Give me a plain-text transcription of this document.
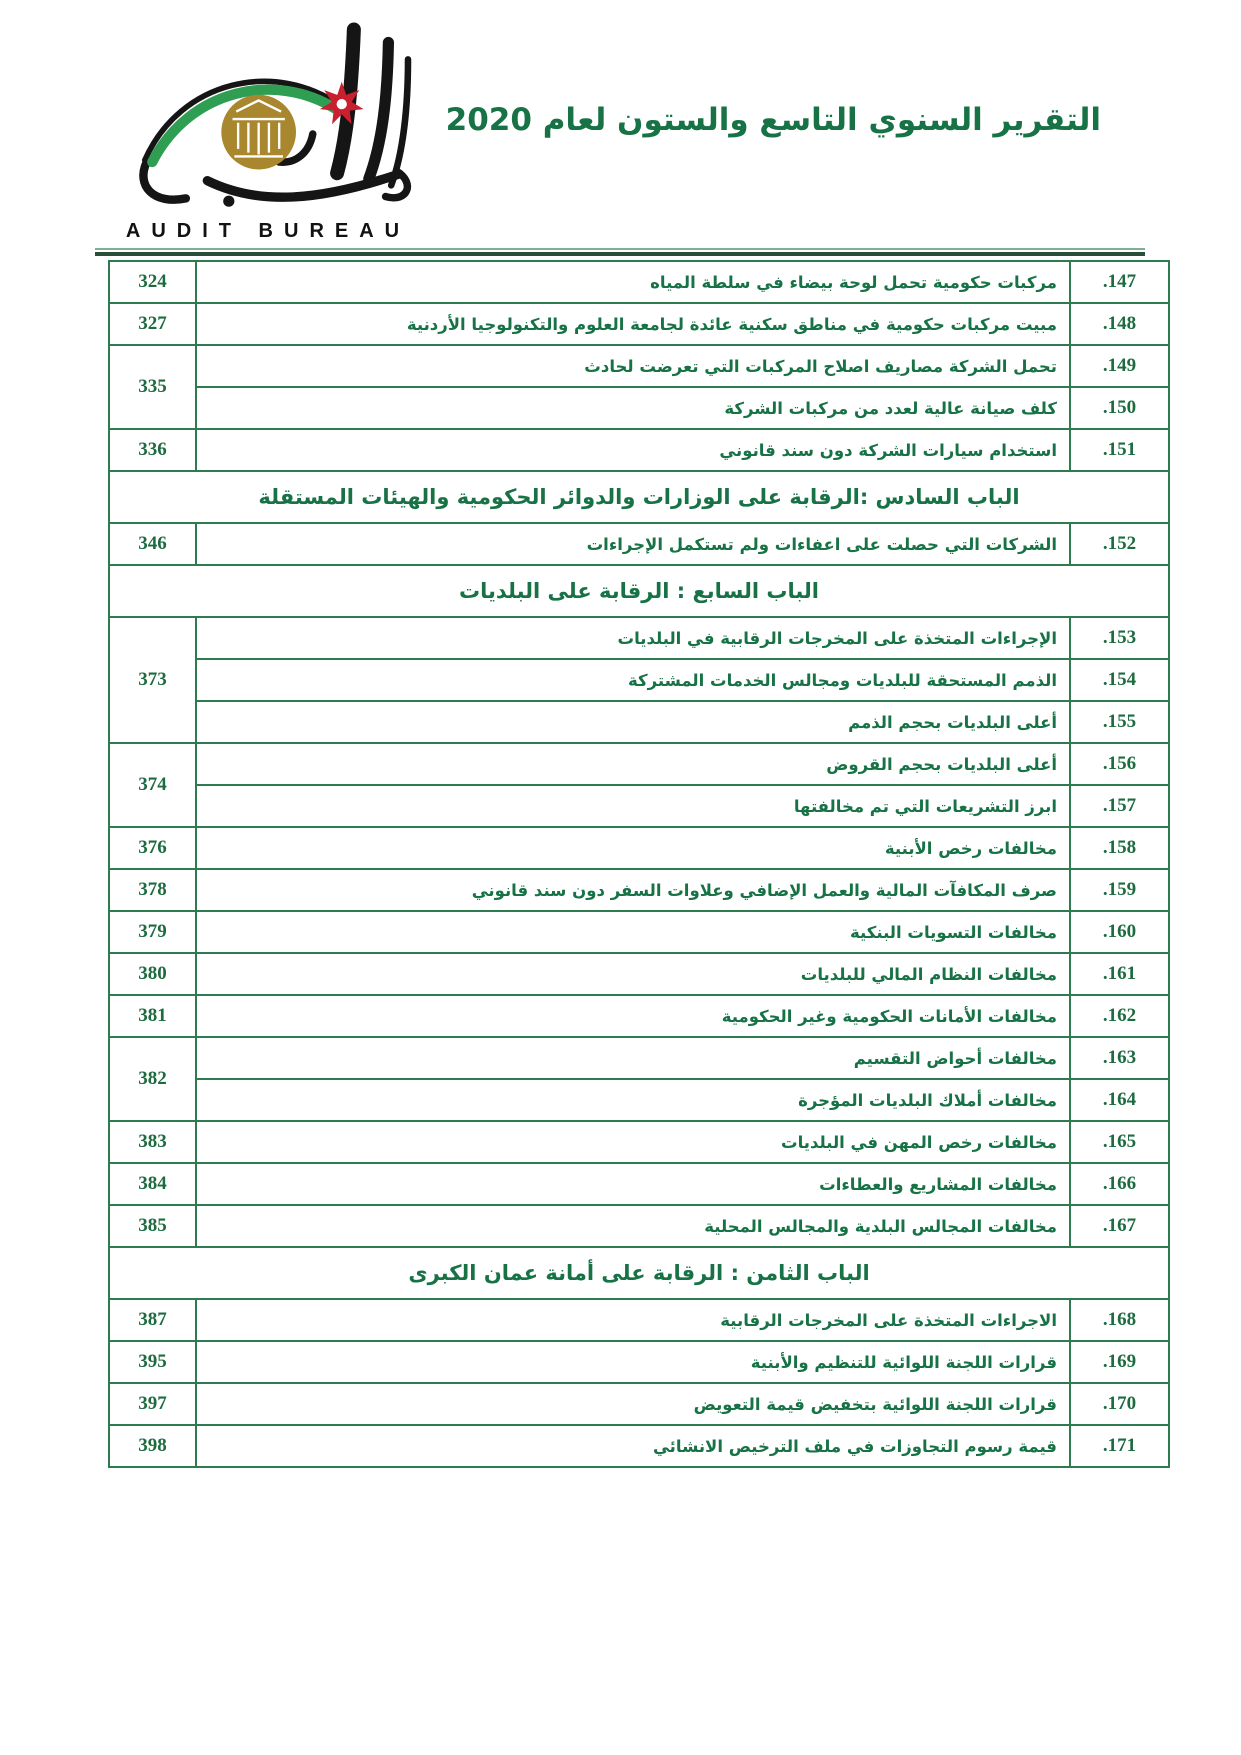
AUDIT BUREAU
التقرير السنوي التاسع والستون لعام 2020
147.	مركبات حكومية تحمل لوحة بيضاء في سلطة المياه	324
148.	مبيت مركبات حكومية في مناطق سكنية عائدة لجامعة العلوم والتكنولوجيا الأردنية	327
149.	تحمل الشركة مصاريف اصلاح المركبات التي تعرضت لحادث	335
150.	كلف صيانة عالية لعدد من مركبات الشركة	
151.	استخدام سيارات الشركة دون سند قانوني	336
الباب السادس :الرقابة على الوزارات والدوائر الحكومية والهيئات المستقلة		
152.	الشركات التي حصلت على اعفاءات ولم تستكمل الإجراءات	346
الباب السابع : الرقابة على البلديات		
153.	الإجراءات المتخذة على المخرجات الرقابية في البلديات	373
154.	الذمم المستحقة للبلديات ومجالس الخدمات المشتركة	
155.	أعلى البلديات بحجم الذمم	
156.	أعلى البلديات بحجم القروض	374
157.	ابرز التشريعات التي تم مخالفتها	
158.	مخالفات رخص الأبنية	376
159.	صرف المكافآت المالية والعمل الإضافي وعلاوات السفر دون سند قانوني	378
160.	مخالفات التسويات البنكية	379
161.	مخالفات النظام المالي للبلديات	380
162.	مخالفات الأمانات الحكومية وغير الحكومية	381
163.	مخالفات أحواض التقسيم	382
164.	مخالفات أملاك البلديات المؤجرة	
165.	مخالفات رخص المهن في البلديات	383
166.	مخالفات المشاريع والعطاءات	384
167.	مخالفات المجالس البلدية والمجالس المحلية	385
الباب الثامن : الرقابة على أمانة عمان الكبرى		
168.	الاجراءات المتخذة على المخرجات الرقابية	387
169.	قرارات اللجنة اللوائية للتنظيم والأبنية	395
170.	قرارات اللجنة اللوائية بتخفيض قيمة التعويض	397
171.	قيمة رسوم التجاوزات في ملف الترخيص الانشائي	398
